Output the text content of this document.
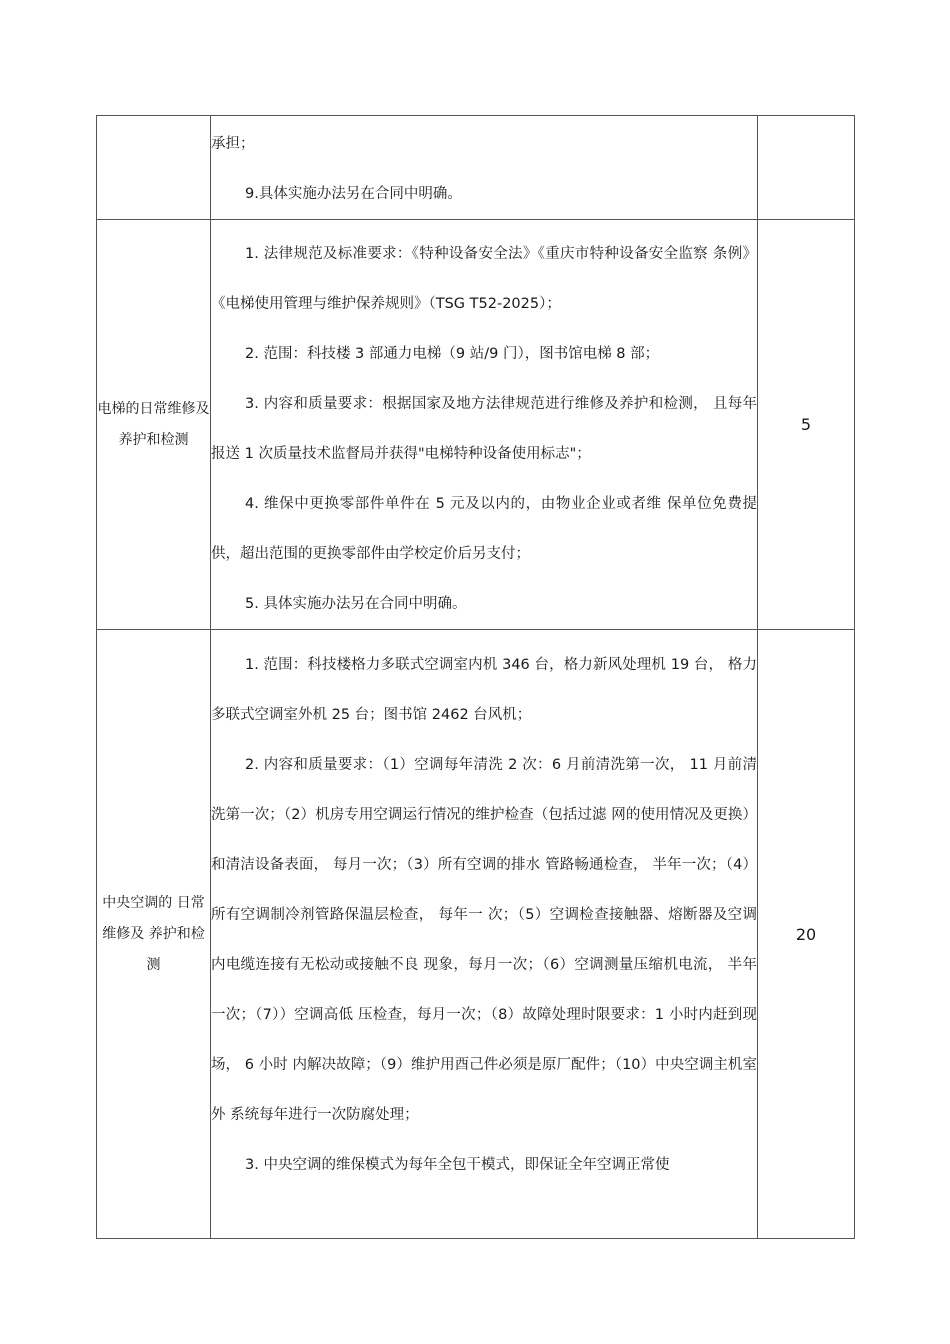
	承担；

9.具体实施办法另在合同中明确。	

电梯的日常维修及养护和检测	1. 法律规范及标准要求：《特种设备安全法》《重庆市特种设备安全监察 条例》《电梯使用管理与维护保养规则》（TSG T52-2025）；

2. 范围：科技楼 3 部通力电梯（9 站/9 门），图书馆电梯 8 部；

3. 内容和质量要求：根据国家及地方法律规范进行维修及养护和检测， 且每年报送 1 次质量技术监督局并获得"电梯特种设备使用标志"；

4. 维保中更换零部件单件在 5 元及以内的，由物业企业或者维 保单位免费提供，超出范围的更换零部件由学校定价后另支付；

5. 具体实施办法另在合同中明确。	5
中央空调的 日常维修及 养护和检测	1. 范围：科技楼格力多联式空调室内机 346 台，格力新风处理机 19 台， 格力多联式空调室外机 25 台；图书馆 2462 台风机；

2. 内容和质量要求：（1）空调每年清洗 2 次：6 月前清洗第一次， 11 月前清洗第一次；（2）机房专用空调运行情况的维护检查（包括过滤 网的使用情况及更换）和清洁设备表面， 每月一次；（3）所有空调的排水 管路畅通检查， 半年一次；（4）所有空调制冷剂管路保温层检查， 每年一 次；（5）空调检查接触器、熔断器及空调内电缆连接有无松动或接触不良 现象，每月一次；（6）空调测量压缩机电流， 半年一次；（7））空调高低 压检查，每月一次；（8）故障处理时限要求：1 小时内赶到现场， 6 小时 内解决故障；（9）维护用酉己件必须是原厂配件；（10）中央空调主机室外 系统每年进行一次防腐处理；

3. 中央空调的维保模式为每年全包干模式，即保证全年空调正常使	20
